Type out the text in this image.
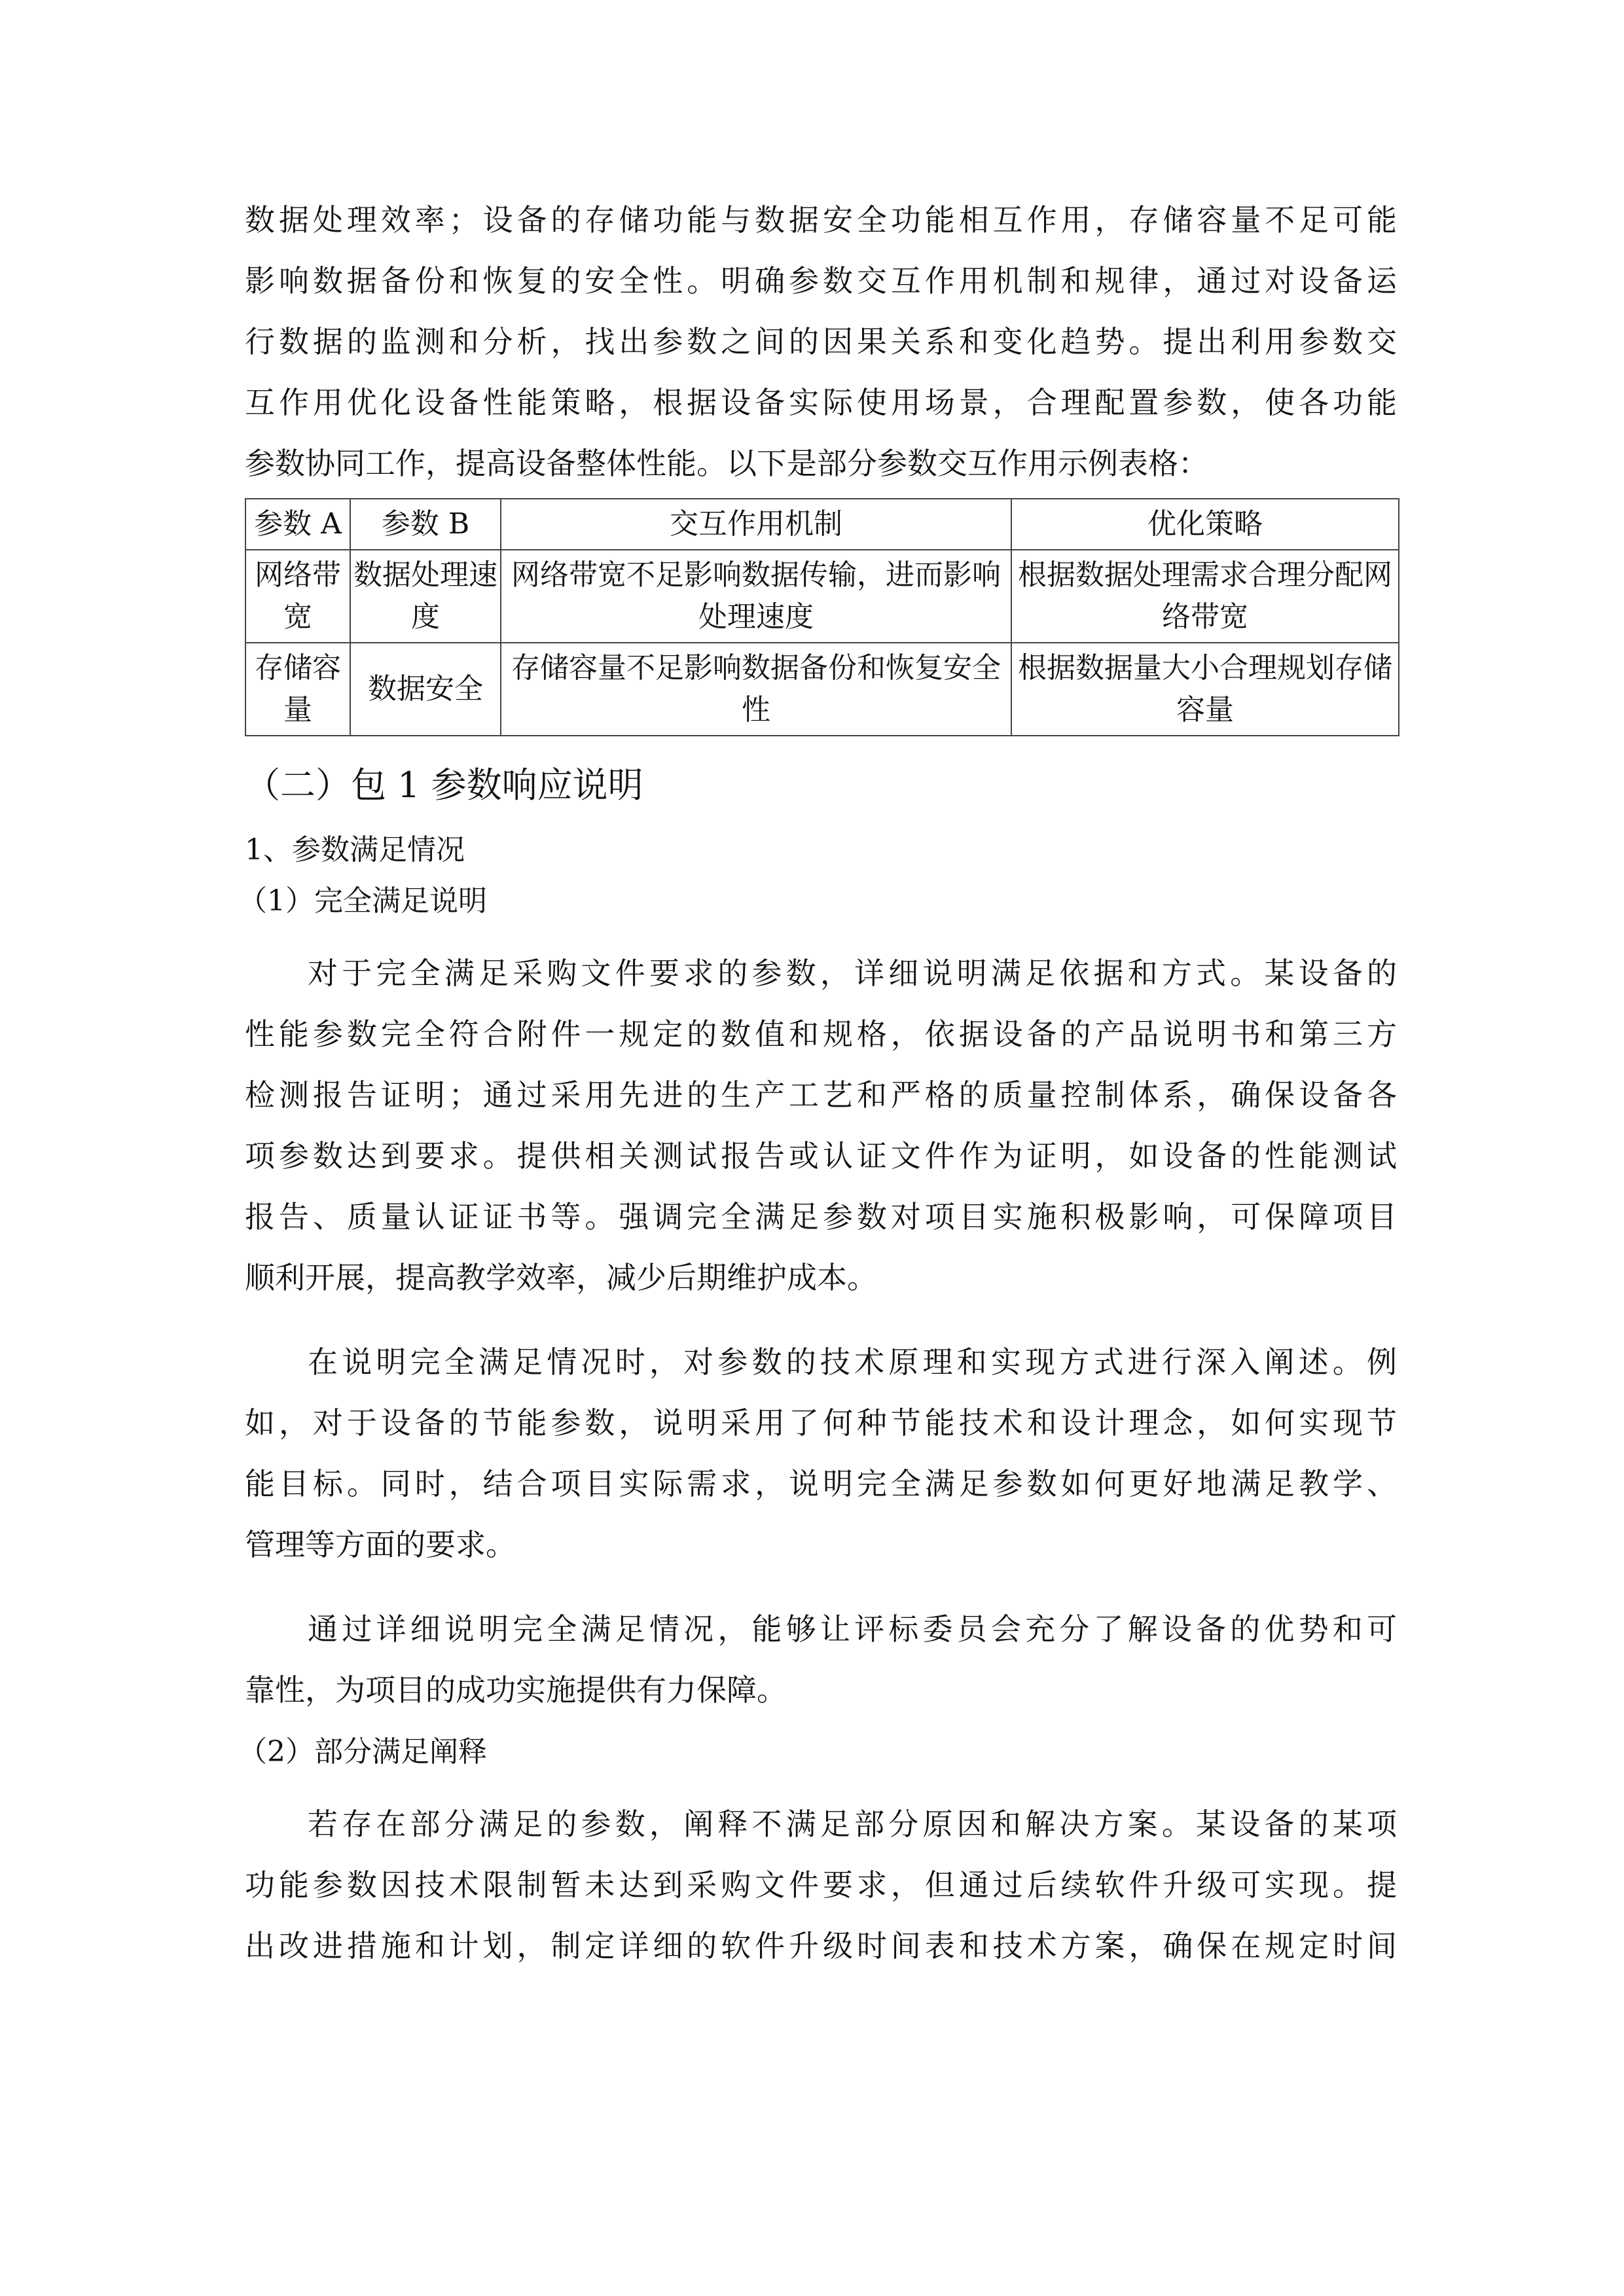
数据处理效率；设备的存储功能与数据安全功能相互作用，存储容量不足可能
影响数据备份和恢复的安全性。明确参数交互作用机制和规律，通过对设备运
行数据的监测和分析，找出参数之间的因果关系和变化趋势。提出利用参数交
互作用优化设备性能策略，根据设备实际使用场景，合理配置参数，使各功能
参数协同工作，提高设备整体性能。以下是部分参数交互作用示例表格：
参数 A	参数 B	交互作用机制	优化策略
网络带宽	数据处理速度	网络带宽不足影响数据传输，进而影响处理速度	根据数据处理需求合理分配网络带宽
存储容量	数据安全	存储容量不足影响数据备份和恢复安全性	根据数据量大小合理规划存储容量
（二）包 1 参数响应说明
1、参数满足情况
（1）完全满足说明
对于完全满足采购文件要求的参数，详细说明满足依据和方式。某设备的
性能参数完全符合附件一规定的数值和规格，依据设备的产品说明书和第三方
检测报告证明；通过采用先进的生产工艺和严格的质量控制体系，确保设备各
项参数达到要求。提供相关测试报告或认证文件作为证明，如设备的性能测试
报告、质量认证证书等。强调完全满足参数对项目实施积极影响，可保障项目
顺利开展，提高教学效率，减少后期维护成本。
在说明完全满足情况时，对参数的技术原理和实现方式进行深入阐述。例
如，对于设备的节能参数，说明采用了何种节能技术和设计理念，如何实现节
能目标。同时，结合项目实际需求，说明完全满足参数如何更好地满足教学、
管理等方面的要求。
通过详细说明完全满足情况，能够让评标委员会充分了解设备的优势和可
靠性，为项目的成功实施提供有力保障。
（2）部分满足阐释
若存在部分满足的参数，阐释不满足部分原因和解决方案。某设备的某项
功能参数因技术限制暂未达到采购文件要求，但通过后续软件升级可实现。提
出改进措施和计划，制定详细的软件升级时间表和技术方案，确保在规定时间
